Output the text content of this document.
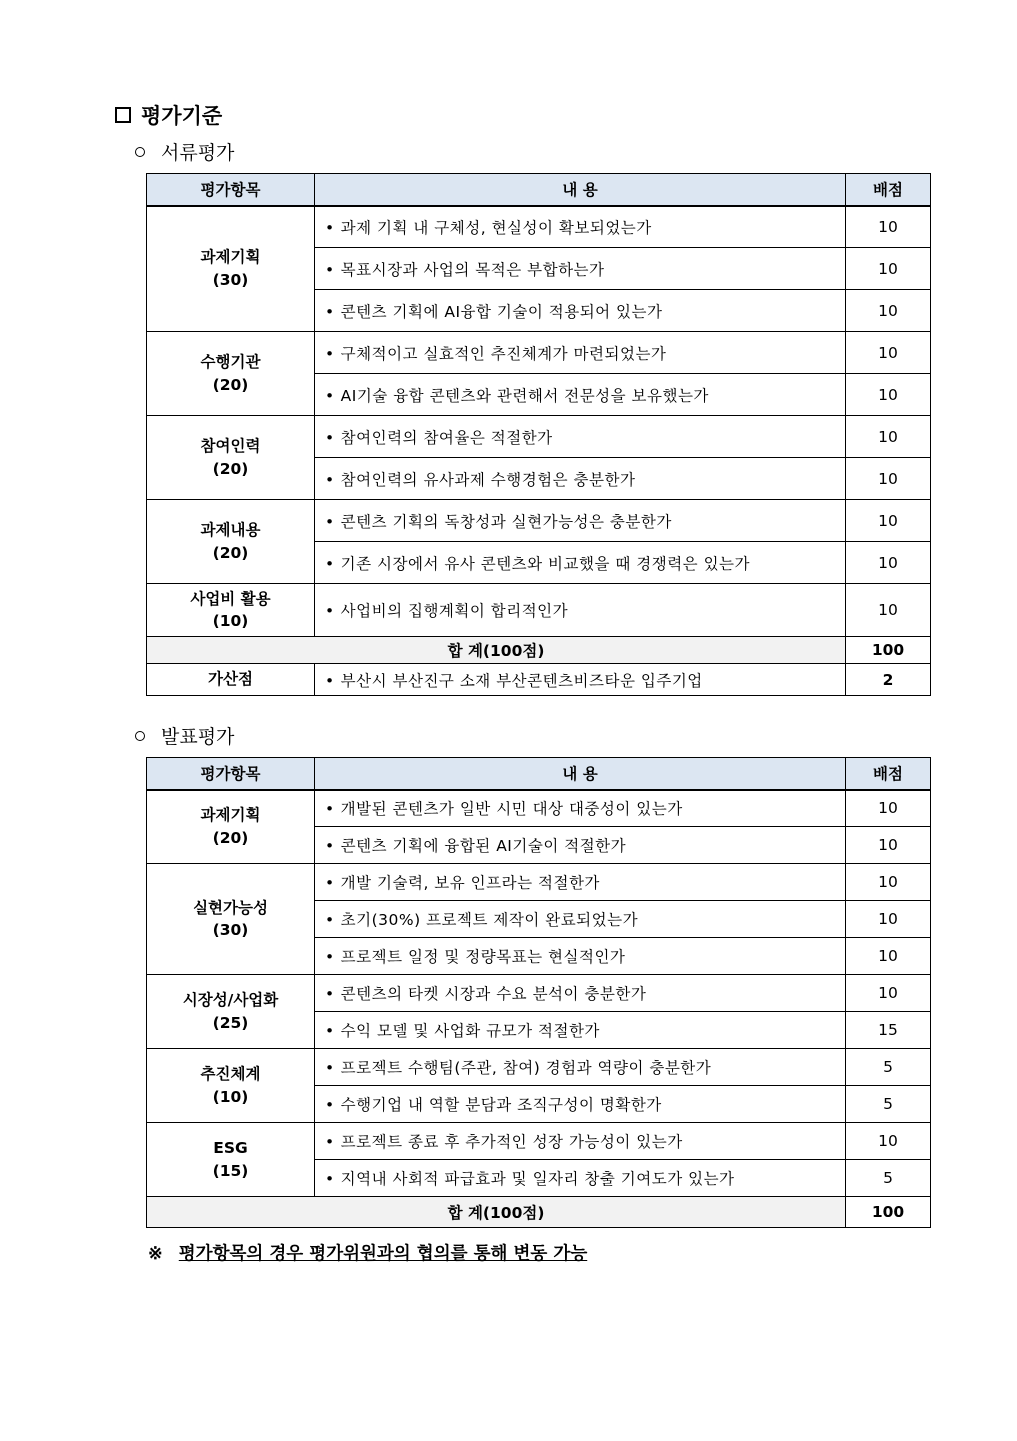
평가기준
서류평가
평가항목	내 용	배점

과제기획
(30)	• 과제 기획 내 구체성, 현실성이 확보되었는가	10
	• 목표시장과 사업의 목적은 부합하는가	10
	• 콘텐츠 기획에 AI융합 기술이 적용되어 있는가	10

수행기관
(20)	• 구체적이고 실효적인 추진체계가 마련되었는가	10
	• AI기술 융합 콘텐츠와 관련해서 전문성을 보유했는가	10

참여인력
(20)	• 참여인력의 참여율은 적절한가	10
	• 참여인력의 유사과제 수행경험은 충분한가	10

과제내용
(20)	• 콘텐츠 기획의 독창성과 실현가능성은 충분한가	10
	• 기존 시장에서 유사 콘텐츠와 비교했을 때 경쟁력은 있는가	10

사업비 활용
(10)	• 사업비의 집행계획이 합리적인가	10
합 계(100점)		100
가산점	• 부산시 부산진구 소재 부산콘텐츠비즈타운 입주기업	2
발표평가
평가항목	내 용	배점

과제기획
(20)	• 개발된 콘텐츠가 일반 시민 대상 대중성이 있는가	10
	• 콘텐츠 기획에 융합된 AI기술이 적절한가	10

실현가능성
(30)	• 개발 기술력, 보유 인프라는 적절한가	10
	• 초기(30%) 프로젝트 제작이 완료되었는가	10
	• 프로젝트 일정 및 정량목표는 현실적인가	10

시장성/사업화
(25)	• 콘텐츠의 타켓 시장과 수요 분석이 충분한가	10
	• 수익 모델 및 사업화 규모가 적절한가	15

추진체계
(10)	• 프로젝트 수행팀(주관, 참여) 경험과 역량이 충분한가	5
	• 수행기업 내 역할 분담과 조직구성이 명확한가	5

ESG
(15)	• 프로젝트 종료 후 추가적인 성장 가능성이 있는가	10
	• 지역내 사회적 파급효과 및 일자리 창출 기여도가 있는가	5
합 계(100점)		100
※ 평가항목의 경우 평가위원과의 협의를 통해 변동 가능
